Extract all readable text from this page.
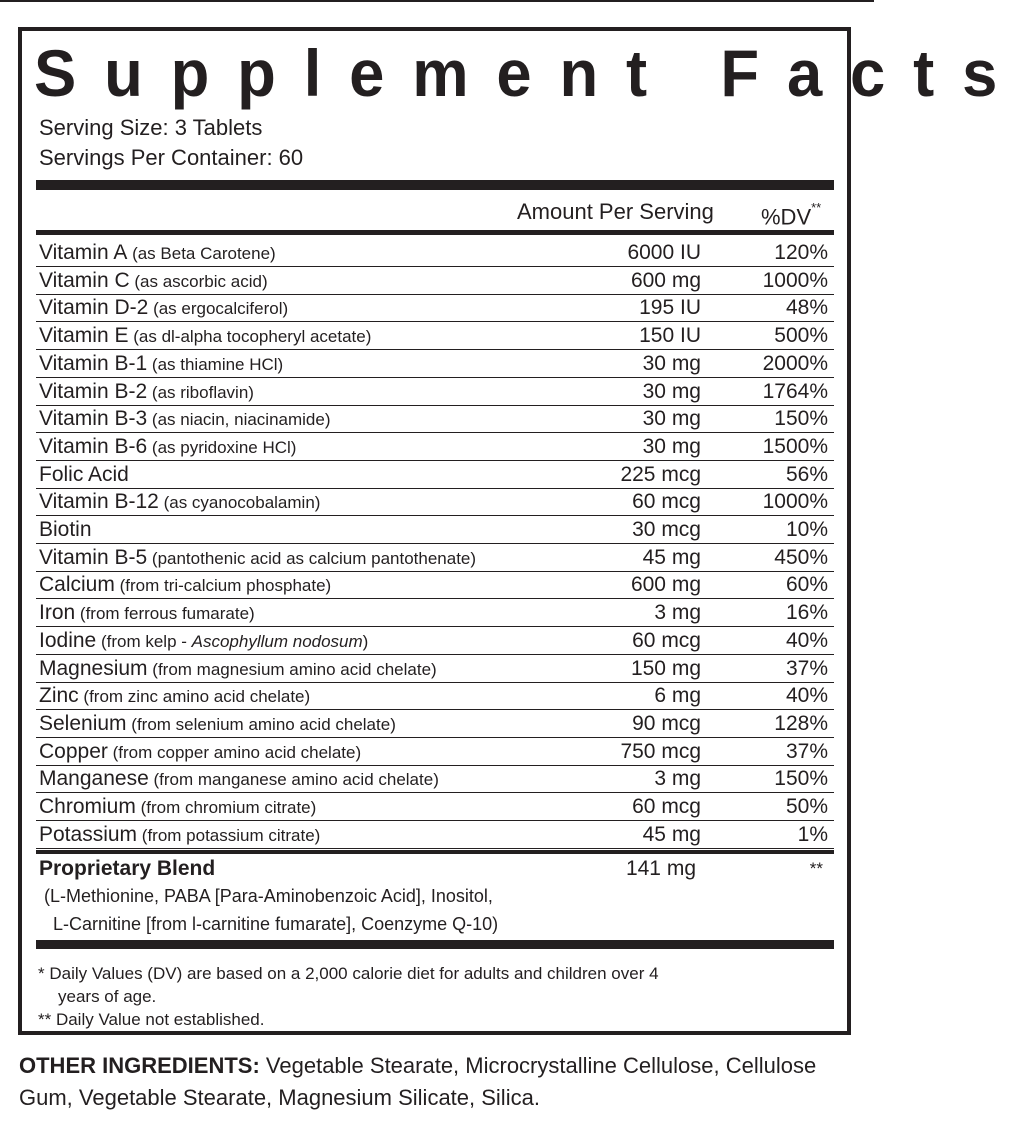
Supplement Facts
Serving Size: 3 Tablets
Servings Per Container: 60
Amount Per Serving %DV**
Vitamin A (as Beta Carotene)	6000 IU	120%
Vitamin C (as ascorbic acid)	600 mg	1000%
Vitamin D-2 (as ergocalciferol)	195 IU	48%
Vitamin E (as dl-alpha tocopheryl acetate)	150 IU	500%
Vitamin B-1 (as thiamine HCl)	30 mg	2000%
Vitamin B-2 (as riboflavin)	30 mg	1764%
Vitamin B-3 (as niacin, niacinamide)	30 mg	150%
Vitamin B-6 (as pyridoxine HCl)	30 mg	1500%
Folic Acid	225 mcg	56%
Vitamin B-12 (as cyanocobalamin)	60 mcg	1000%
Biotin	30 mcg	10%
Vitamin B-5 (pantothenic acid as calcium pantothenate)	45 mg	450%
Calcium (from tri-calcium phosphate)	600 mg	60%
Iron (from ferrous fumarate)	3 mg	16%
Iodine (from kelp - Ascophyllum nodosum)	60 mcg	40%
Magnesium (from magnesium amino acid chelate)	150 mg	37%
Zinc (from zinc amino acid chelate)	6 mg	40%
Selenium (from selenium amino acid chelate)	90 mcg	128%
Copper (from copper amino acid chelate)	750 mcg	37%
Manganese (from manganese amino acid chelate)	3 mg	150%
Chromium (from chromium citrate)	60 mcg	50%
Potassium (from potassium citrate)	45 mg	1%
Proprietary Blend	141 mg	**
(L-Methionine, PABA [Para-Aminobenzoic Acid], Inositol,
L-Carnitine [from l-carnitine fumarate], Coenzyme Q-10)
* Daily Values (DV) are based on a 2,000 calorie diet for adults and children over 4
years of age.
** Daily Value not established.
OTHER INGREDIENTS: Vegetable Stearate, Microcrystalline Cellulose, Cellulose Gum, Vegetable Stearate, Magnesium Silicate, Silica.
